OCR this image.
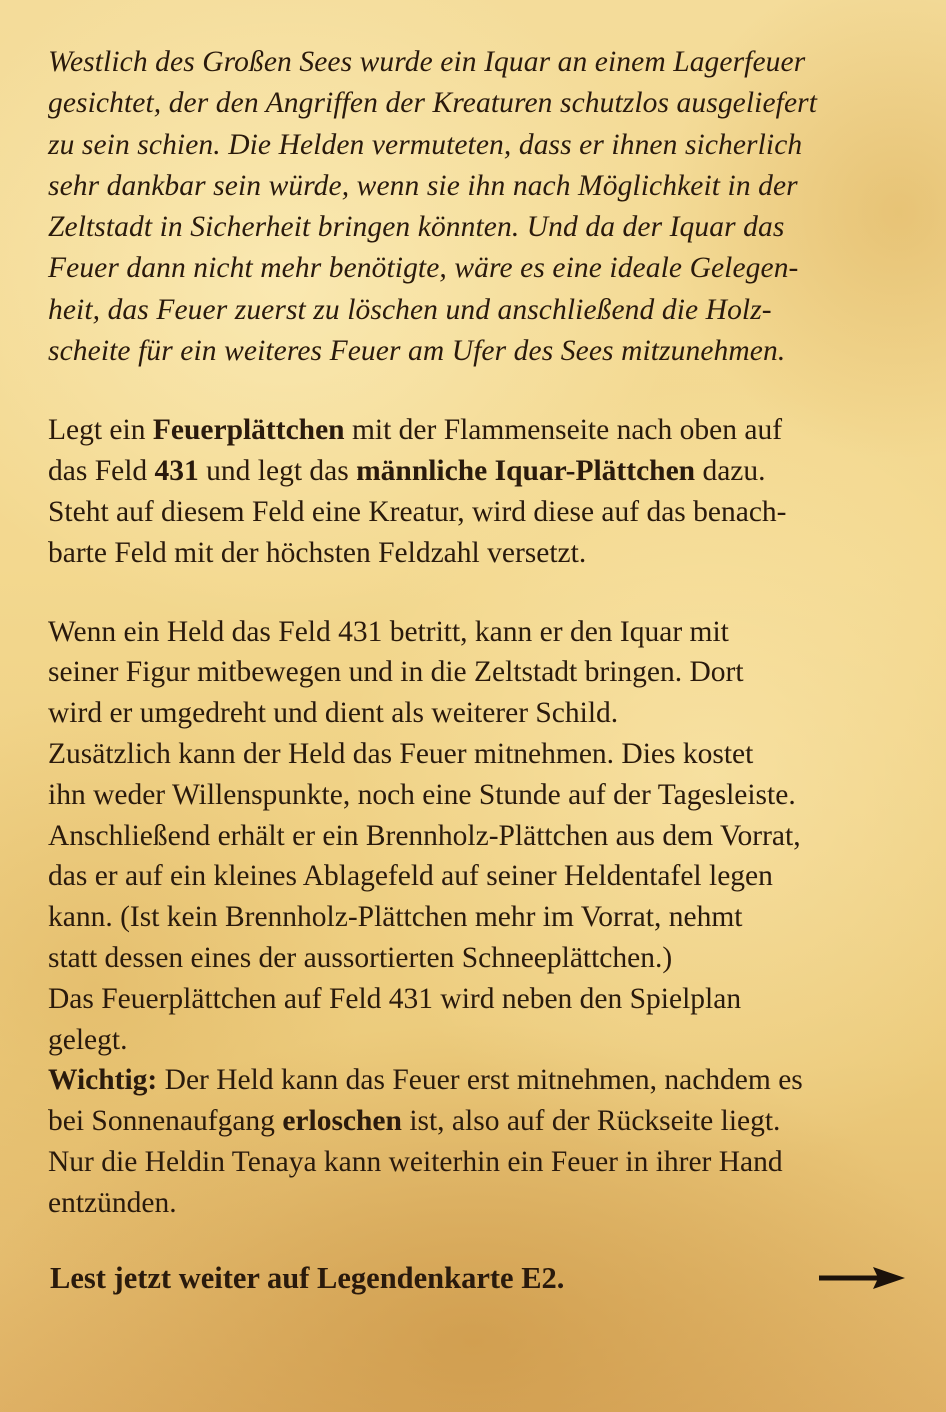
Westlich des Großen Sees wurde ein Iquar an einem Lagerfeuer
gesichtet, der den Angriffen der Kreaturen schutzlos ausgeliefert
zu sein schien. Die Helden vermuteten, dass er ihnen sicherlich
sehr dankbar sein würde, wenn sie ihn nach Möglichkeit in der
Zeltstadt in Sicherheit bringen könnten. Und da der Iquar das
Feuer dann nicht mehr benötigte, wäre es eine ideale Gelegen-
heit, das Feuer zuerst zu löschen und anschließend die Holz-
scheite für ein weiteres Feuer am Ufer des Sees mitzunehmen.

Legt ein Feuerplättchen mit der Flammenseite nach oben auf
das Feld 431 und legt das männliche Iquar-Plättchen dazu.
Steht auf diesem Feld eine Kreatur, wird diese auf das benach-
barte Feld mit der höchsten Feldzahl versetzt.

Wenn ein Held das Feld 431 betritt, kann er den Iquar mit
seiner Figur mitbewegen und in die Zeltstadt bringen. Dort
wird er umgedreht und dient als weiterer Schild.
Zusätzlich kann der Held das Feuer mitnehmen. Dies kostet
ihn weder Willenspunkte, noch eine Stunde auf der Tagesleiste.
Anschließend erhält er ein Brennholz-Plättchen aus dem Vorrat,
das er auf ein kleines Ablagefeld auf seiner Heldentafel legen
kann. (Ist kein Brennholz-Plättchen mehr im Vorrat, nehmt
statt dessen eines der aussortierten Schneeplättchen.)
Das Feuerplättchen auf Feld 431 wird neben den Spielplan
gelegt.
Wichtig: Der Held kann das Feuer erst mitnehmen, nachdem es
bei Sonnenaufgang erloschen ist, also auf der Rückseite liegt.
Nur die Heldin Tenaya kann weiterhin ein Feuer in ihrer Hand
entzünden.

Lest jetzt weiter auf Legendenkarte E2.
